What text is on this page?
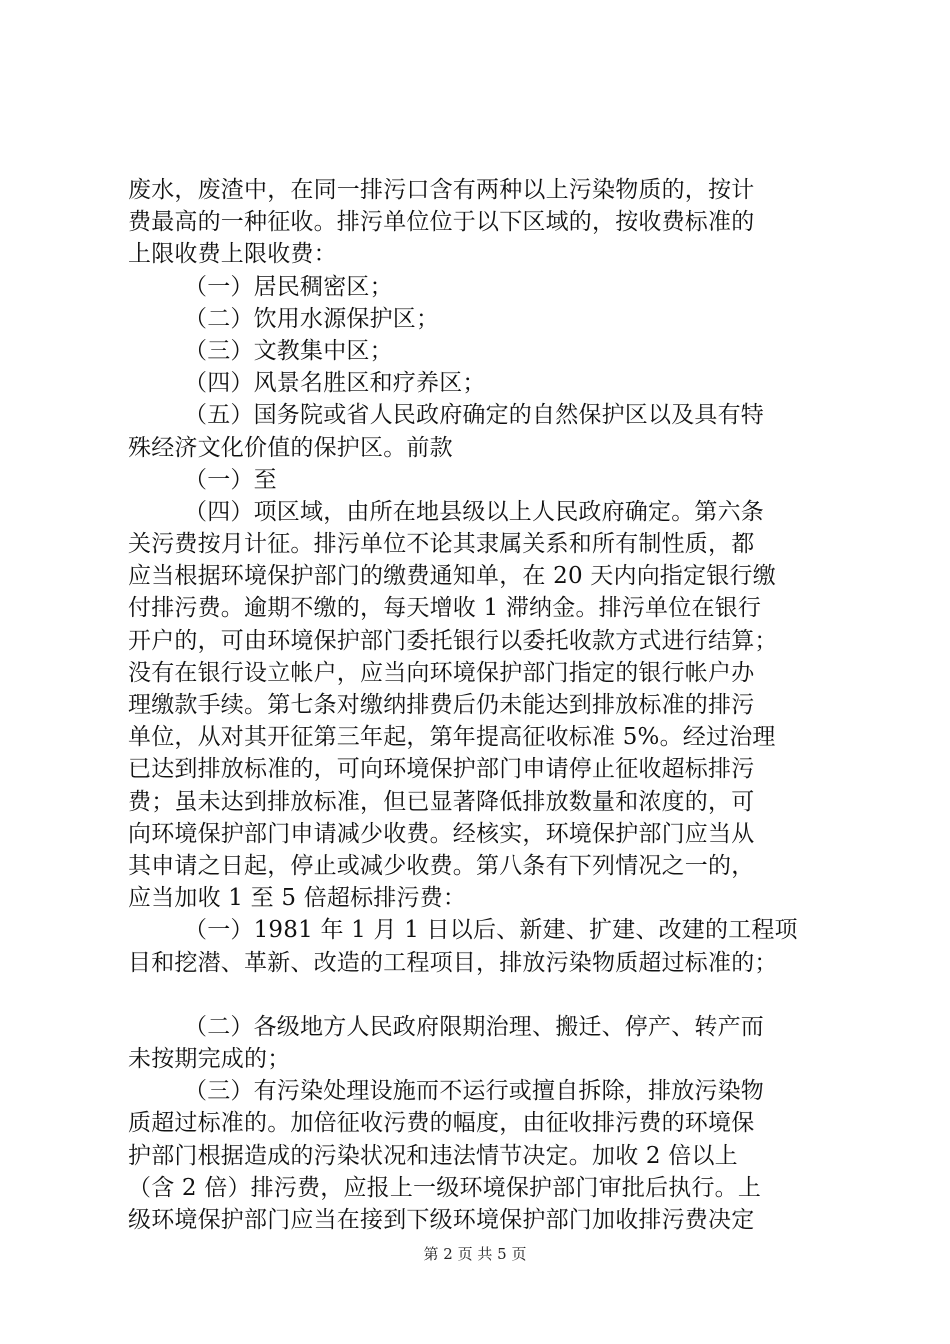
废水，废渣中，在同一排污口含有两种以上污染物质的，按计
费最高的一种征收。排污单位位于以下区域的，按收费标准的
上限收费上限收费：
（一）居民稠密区；
（二）饮用水源保护区；
（三）文教集中区；
（四）风景名胜区和疗养区；
（五）国务院或省人民政府确定的自然保护区以及具有特
殊经济文化价值的保护区。前款
（一）至
（四）项区域，由所在地县级以上人民政府确定。第六条
关污费按月计征。排污单位不论其隶属关系和所有制性质，都
应当根据环境保护部门的缴费通知单，在 20 天内向指定银行缴
付排污费。逾期不缴的，每天增收 1 滞纳金。排污单位在银行
开户的，可由环境保护部门委托银行以委托收款方式进行结算；
没有在银行设立帐户，应当向环境保护部门指定的银行帐户办
理缴款手续。第七条对缴纳排费后仍未能达到排放标准的排污
单位，从对其开征第三年起，第年提高征收标准 5%。经过治理
已达到排放标准的，可向环境保护部门申请停止征收超标排污
费；虽未达到排放标准，但已显著降低排放数量和浓度的，可
向环境保护部门申请减少收费。经核实，环境保护部门应当从
其申请之日起，停止或减少收费。第八条有下列情况之一的，
应当加收 1 至 5 倍超标排污费：
（一）1981 年 1 月 1 日以后、新建、扩建、改建的工程项
目和挖潜、革新、改造的工程项目，排放污染物质超过标准的；
（二）各级地方人民政府限期治理、搬迁、停产、转产而
未按期完成的；
（三）有污染处理设施而不运行或擅自拆除，排放污染物
质超过标准的。加倍征收污费的幅度，由征收排污费的环境保
护部门根据造成的污染状况和违法情节决定。加收 2 倍以上
（含 2 倍）排污费，应报上一级环境保护部门审批后执行。上
级环境保护部门应当在接到下级环境保护部门加收排污费决定
第 2 页 共 5 页
